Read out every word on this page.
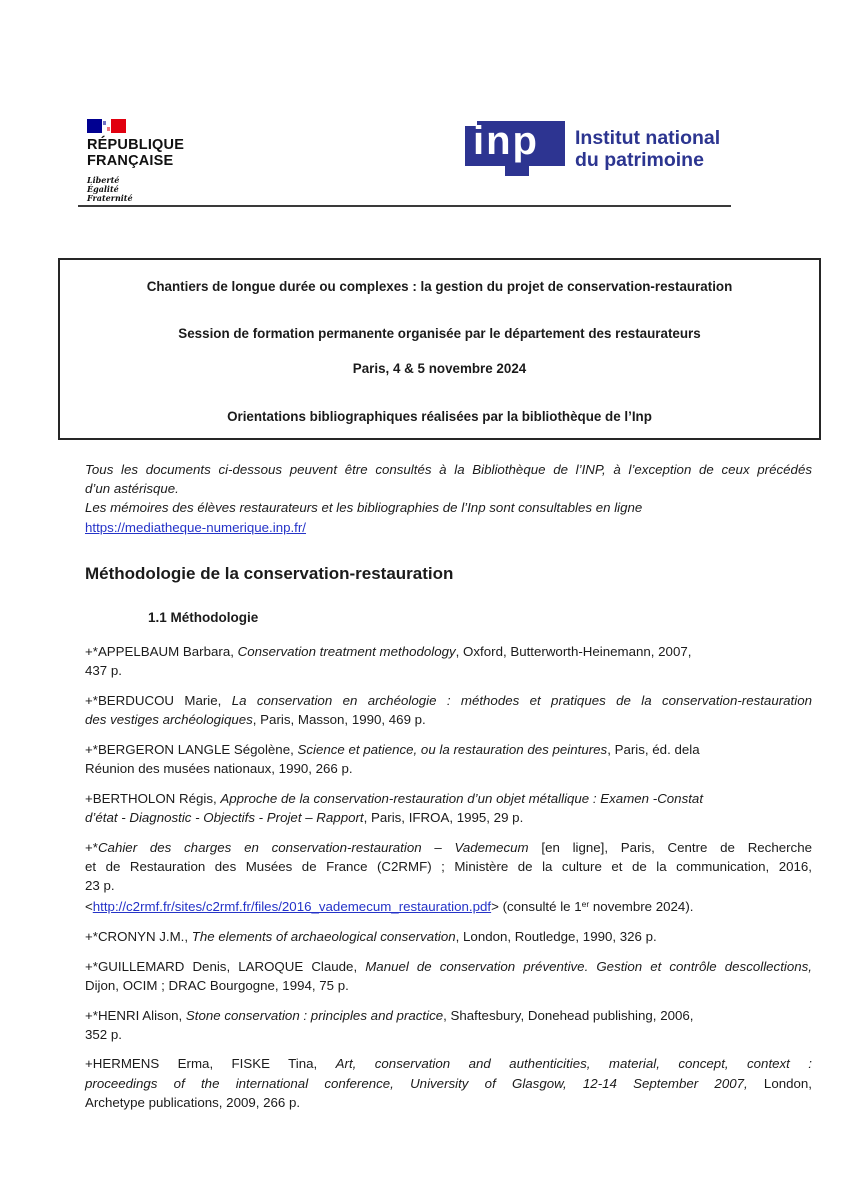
RÉPUBLIQUE
FRANÇAISE
Liberté
Égalité
Fraternité
inp Institut national
du patrimoine
Chantiers de longue durée ou complexes : la gestion du projet de conservation-restauration
Session de formation permanente organisée par le département des restaurateurs
Paris, 4 & 5 novembre 2024
Orientations bibliographiques réalisées par la bibliothèque de l’Inp
Tous les documents ci-dessous peuvent être consultés à la Bibliothèque de l’INP, à l’exception de ceux précédés
d’un astérisque.
Les mémoires des élèves restaurateurs et les bibliographies de l’Inp sont consultables en ligne
https://mediatheque-numerique.inp.fr/
Méthodologie de la conservation-restauration
1.1 Méthodologie
+*APPELBAUM Barbara, Conservation treatment methodology, Oxford, Butterworth-Heinemann, 2007,
437 p.
+*BERDUCOU Marie, La conservation en archéologie : méthodes et pratiques de la conservation-restauration
des vestiges archéologiques, Paris, Masson, 1990, 469 p.
+*BERGERON LANGLE Ségolène, Science et patience, ou la restauration des peintures, Paris, éd. dela
Réunion des musées nationaux, 1990, 266 p.
+BERTHOLON Régis, Approche de la conservation-restauration d’un objet métallique : Examen -Constat
d’état - Diagnostic - Objectifs - Projet – Rapport, Paris, IFROA, 1995, 29 p.
+*Cahier des charges en conservation-restauration – Vademecum [en ligne], Paris, Centre de Recherche
et de Restauration des Musées de France (C2RMF) ; Ministère de la culture et de la communication, 2016,
23 p.
<http://c2rmf.fr/sites/c2rmf.fr/files/2016_vademecum_restauration.pdf> (consulté le 1er novembre 2024).
+*CRONYN J.M., The elements of archaeological conservation, London, Routledge, 1990, 326 p.
+*GUILLEMARD Denis, LAROQUE Claude, Manuel de conservation préventive. Gestion et contrôle descollections,
Dijon, OCIM ; DRAC Bourgogne, 1994, 75 p.
+*HENRI Alison, Stone conservation : principles and practice, Shaftesbury, Donehead publishing, 2006,
352 p.
+HERMENS Erma, FISKE Tina, Art, conservation and authenticities, material, concept, context :
proceedings of the international conference, University of Glasgow, 12-14 September 2007, London,
Archetype publications, 2009, 266 p.
